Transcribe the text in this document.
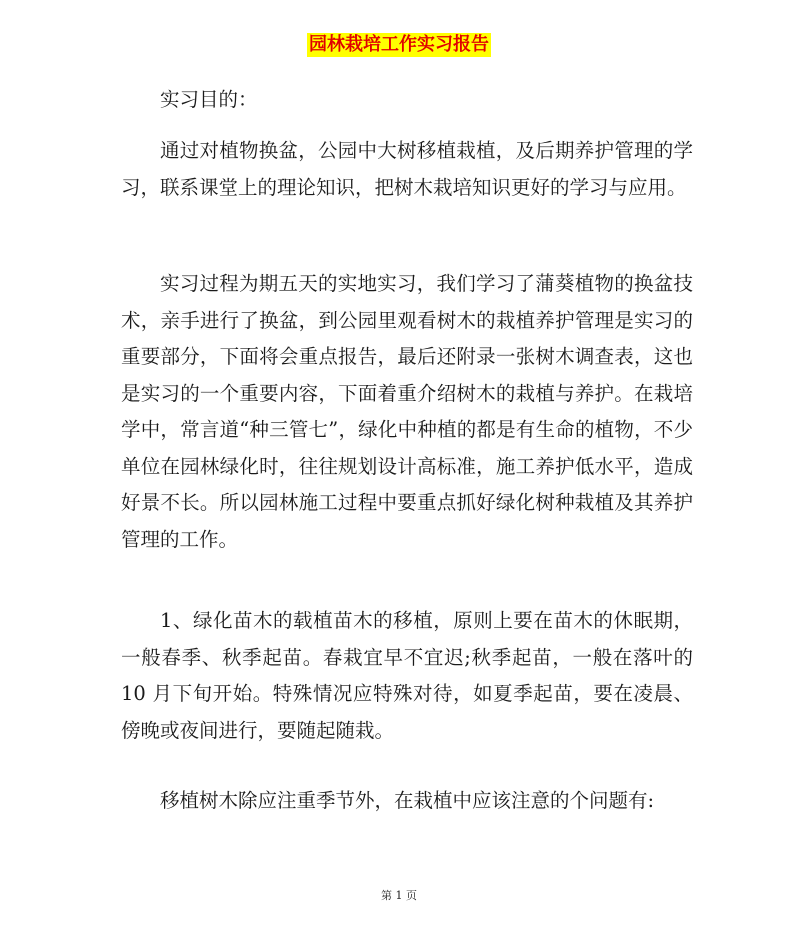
园林栽培工作实习报告

实习目的：

通过对植物换盆，公园中大树移植栽植，及后期养护管理的学习，联系课堂上的理论知识，把树木栽培知识更好的学习与应用。

实习过程为期五天的实地实习，我们学习了蒲葵植物的换盆技术，亲手进行了换盆，到公园里观看树木的栽植养护管理是实习的重要部分，下面将会重点报告，最后还附录一张树木调查表，这也是实习的一个重要内容，下面着重介绍树木的栽植与养护。在栽培学中，常言道“种三管七”，绿化中种植的都是有生命的植物，不少单位在园林绿化时，往往规划设计高标准，施工养护低水平，造成好景不长。所以园林施工过程中要重点抓好绿化树种栽植及其养护管理的工作。

1、绿化苗木的载植苗木的移植，原则上要在苗木的休眠期，一般春季、秋季起苗。春栽宜早不宜迟;秋季起苗，一般在落叶的 10 月下旬开始。特殊情况应特殊对待，如夏季起苗，要在凌晨、傍晚或夜间进行，要随起随栽。

移植树木除应注重季节外，在栽植中应该注意的个问题有:

第 1 页
